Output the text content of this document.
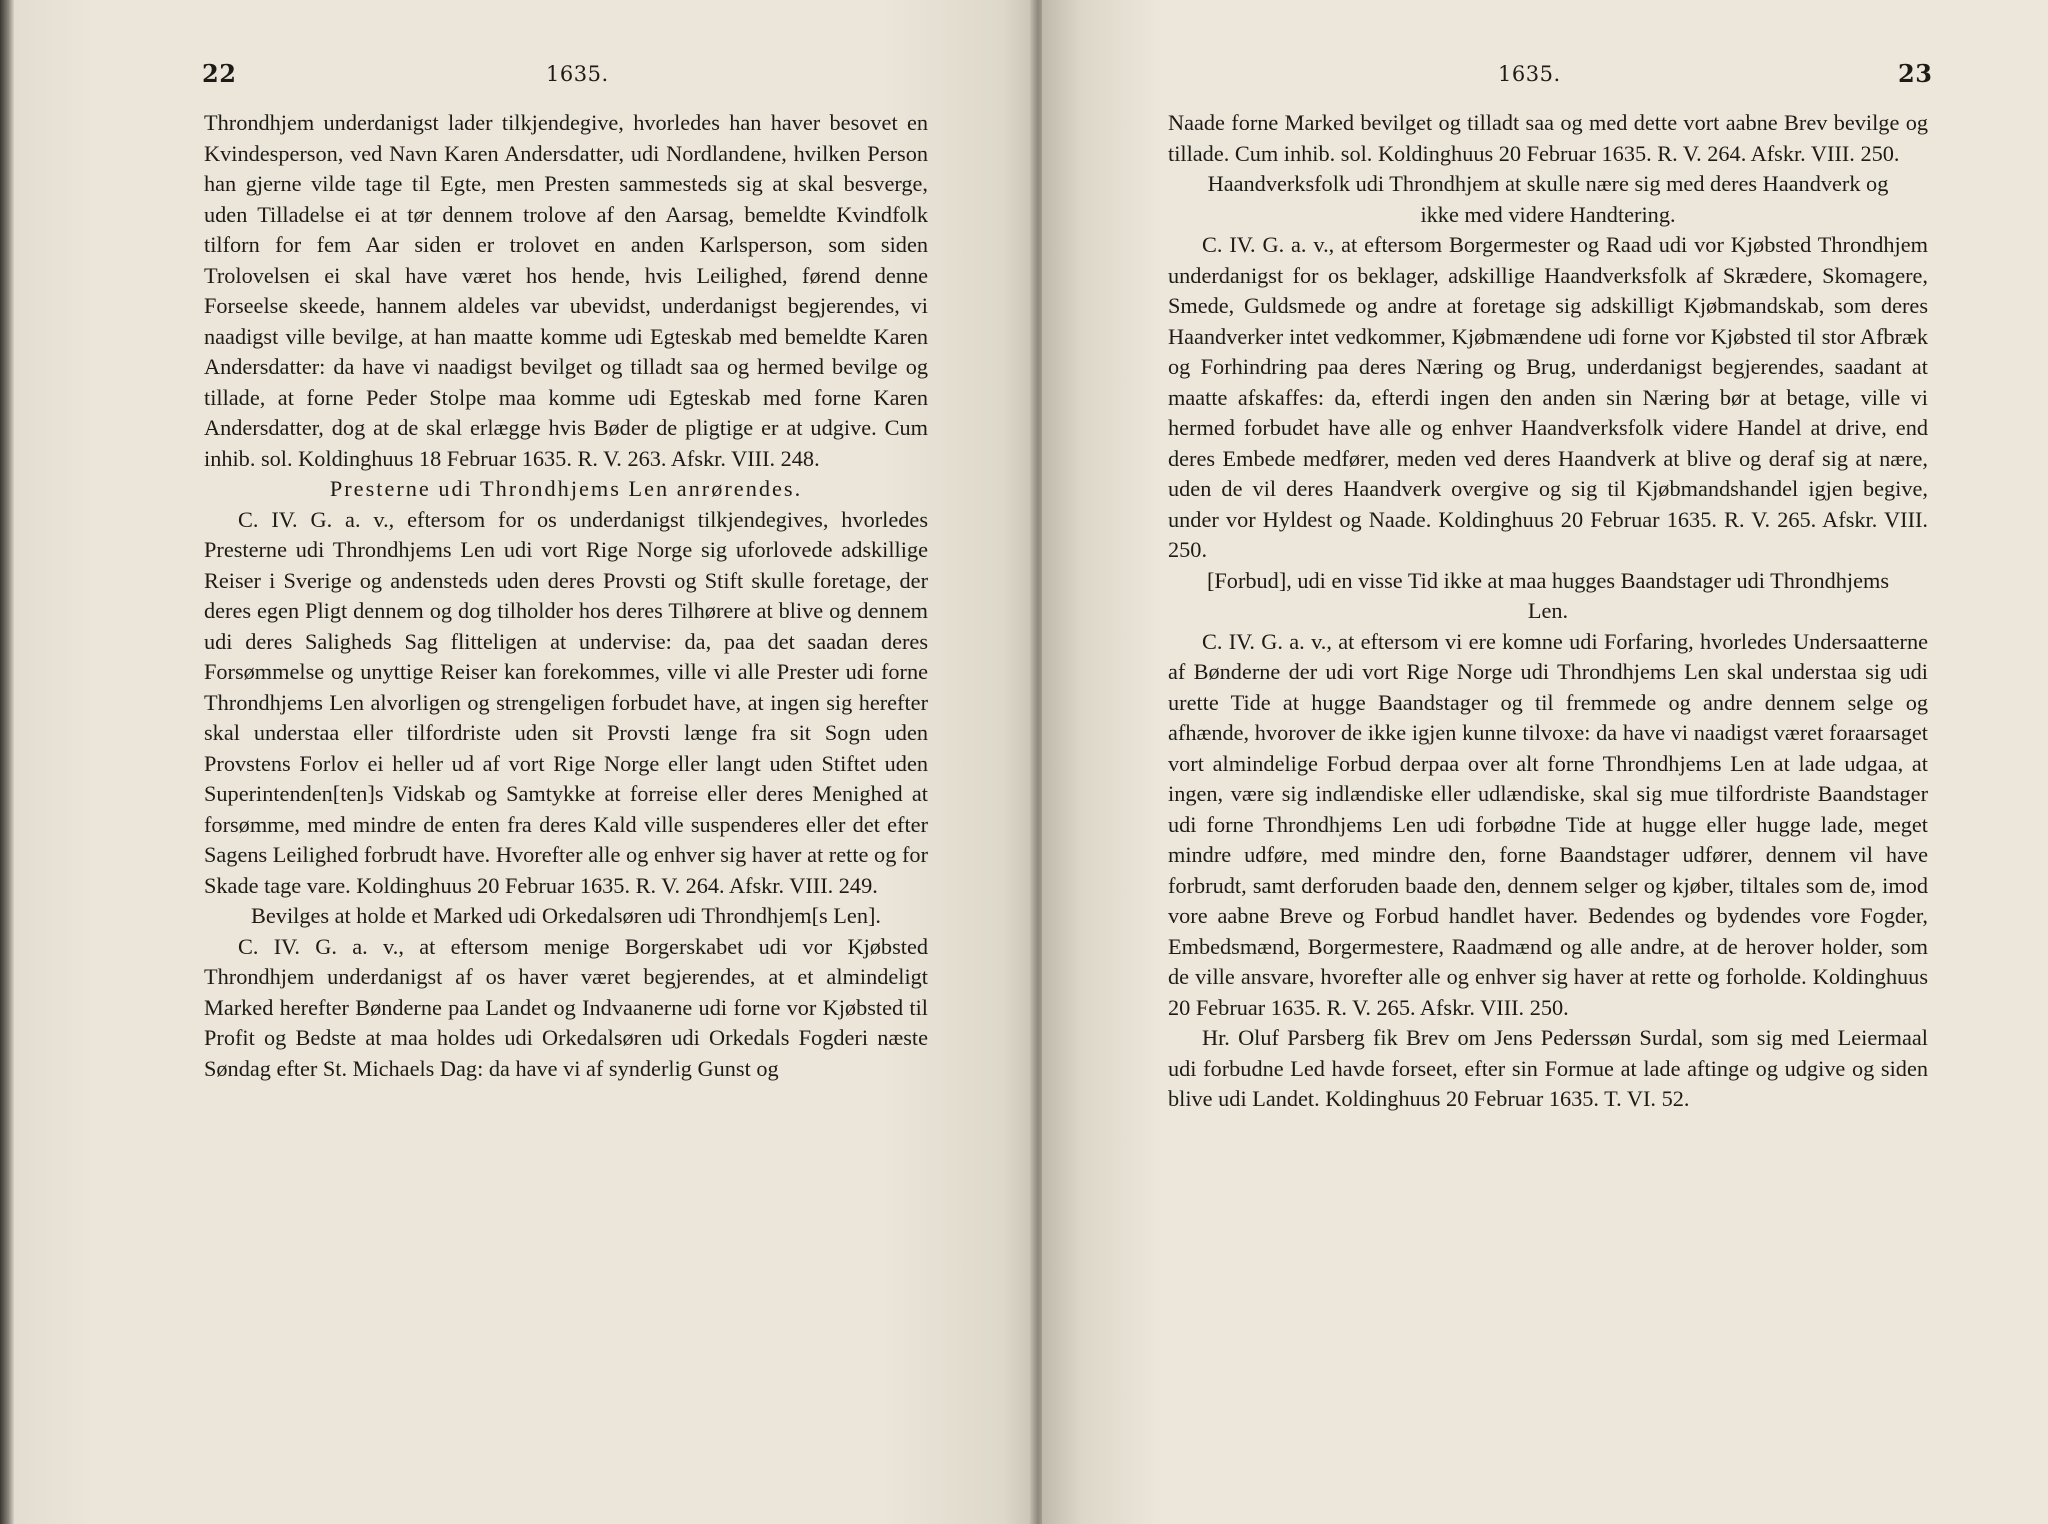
22	1635.

Throndhjem underdanigst lader tilkjendegive, hvorledes han haver besovet en Kvindesperson, ved Navn Karen Andersdatter, udi Nordlandene, hvilken Person han gjerne vilde tage til Egte, men Presten sammesteds sig at skal besverge, uden Tilladelse ei at tør dennem trolove af den Aarsag, bemeldte Kvindfolk tilforn for fem Aar siden er trolovet en anden Karlsperson, som siden Trolovelsen ei skal have været hos hende, hvis Leilighed, førend denne Forseelse skeede, hannem aldeles var ubevidst, underdanigst begjerendes, vi naadigst ville bevilge, at han maatte komme udi Egteskab med bemeldte Karen Andersdatter: da have vi naadigst bevilget og tilladt saa og hermed bevilge og tillade, at forne Peder Stolpe maa komme udi Egteskab med forne Karen Andersdatter, dog at de skal erlægge hvis Bøder de pligtige er at udgive. Cum inhib. sol. Koldinghuus 18 Februar 1635. R. V. 263. Afskr. VIII. 248.

Presterne udi Throndhjems Len anrørendes.

C. IV. G. a. v., eftersom for os underdanigst tilkjendegives, hvorledes Presterne udi Throndhjems Len udi vort Rige Norge sig uforlovede adskillige Reiser i Sverige og andensteds uden deres Provsti og Stift skulle foretage, der deres egen Pligt dennem og dog tilholder hos deres Tilhørere at blive og dennem udi deres Saligheds Sag flitteligen at undervise: da, paa det saadan deres Forsømmelse og unyttige Reiser kan forekommes, ville vi alle Prester udi forne Throndhjems Len alvorligen og strengeligen forbudet have, at ingen sig herefter skal understaa eller tilfordriste uden sit Provsti længe fra sit Sogn uden Provstens Forlov ei heller ud af vort Rige Norge eller langt uden Stiftet uden Superintenden[ten]s Vidskab og Samtykke at forreise eller deres Menighed at forsømme, med mindre de enten fra deres Kald ville suspenderes eller det efter Sagens Leilighed forbrudt have. Hvorefter alle og enhver sig haver at rette og for Skade tage vare. Koldinghuus 20 Februar 1635. R. V. 264. Afskr. VIII. 249.

Bevilges at holde et Marked udi Orkedalsøren udi Throndhjem[s Len].

C. IV. G. a. v., at eftersom menige Borgerskabet udi vor Kjøbsted Throndhjem underdanigst af os haver været begjerendes, at et almindeligt Marked herefter Bønderne paa Landet og Indvaanerne udi forne vor Kjøbsted til Profit og Bedste at maa holdes udi Orkedalsøren udi Orkedals Fogderi næste Søndag efter St. Michaels Dag: da have vi af synderlig Gunst og

1635.	23

Naade forne Marked bevilget og tilladt saa og med dette vort aabne Brev bevilge og tillade. Cum inhib. sol. Koldinghuus 20 Februar 1635. R. V. 264. Afskr. VIII. 250.

Haandverksfolk udi Throndhjem at skulle nære sig med deres Haandverk og ikke med videre Handtering.

C. IV. G. a. v., at eftersom Borgermester og Raad udi vor Kjøbsted Throndhjem underdanigst for os beklager, adskillige Haandverksfolk af Skrædere, Skomagere, Smede, Guldsmede og andre at foretage sig adskilligt Kjøbmandskab, som deres Haandverker intet vedkommer, Kjøbmændene udi forne vor Kjøbsted til stor Afbræk og Forhindring paa deres Næring og Brug, underdanigst begjerendes, saadant at maatte afskaffes: da, efterdi ingen den anden sin Næring bør at betage, ville vi hermed forbudet have alle og enhver Haandverksfolk videre Handel at drive, end deres Embede medfører, meden ved deres Haandverk at blive og deraf sig at nære, uden de vil deres Haandverk overgive og sig til Kjøbmandshandel igjen begive, under vor Hyldest og Naade. Koldinghuus 20 Februar 1635. R. V. 265. Afskr. VIII. 250.

[Forbud], udi en visse Tid ikke at maa hugges Baandstager udi Throndhjems Len.

C. IV. G. a. v., at eftersom vi ere komne udi Forfaring, hvorledes Undersaatterne af Bønderne der udi vort Rige Norge udi Throndhjems Len skal understaa sig udi urette Tide at hugge Baandstager og til fremmede og andre dennem selge og afhænde, hvorover de ikke igjen kunne tilvoxe: da have vi naadigst været foraarsaget vort almindelige Forbud derpaa over alt forne Throndhjems Len at lade udgaa, at ingen, være sig indlændiske eller udlændiske, skal sig mue tilfordriste Baandstager udi forne Throndhjems Len udi forbødne Tide at hugge eller hugge lade, meget mindre udføre, med mindre den, forne Baandstager udfører, dennem vil have forbrudt, samt derforuden baade den, dennem selger og kjøber, tiltales som de, imod vore aabne Breve og Forbud handlet haver. Bedendes og bydendes vore Fogder, Embedsmænd, Borgermestere, Raadmænd og alle andre, at de herover holder, som de ville ansvare, hvorefter alle og enhver sig haver at rette og forholde. Koldinghuus 20 Februar 1635. R. V. 265. Afskr. VIII. 250.

Hr. Oluf Parsberg fik Brev om Jens Pederssøn Surdal, som sig med Leiermaal udi forbudne Led havde forseet, efter sin Formue at lade aftinge og udgive og siden blive udi Landet. Koldinghuus 20 Februar 1635. T. VI. 52.
